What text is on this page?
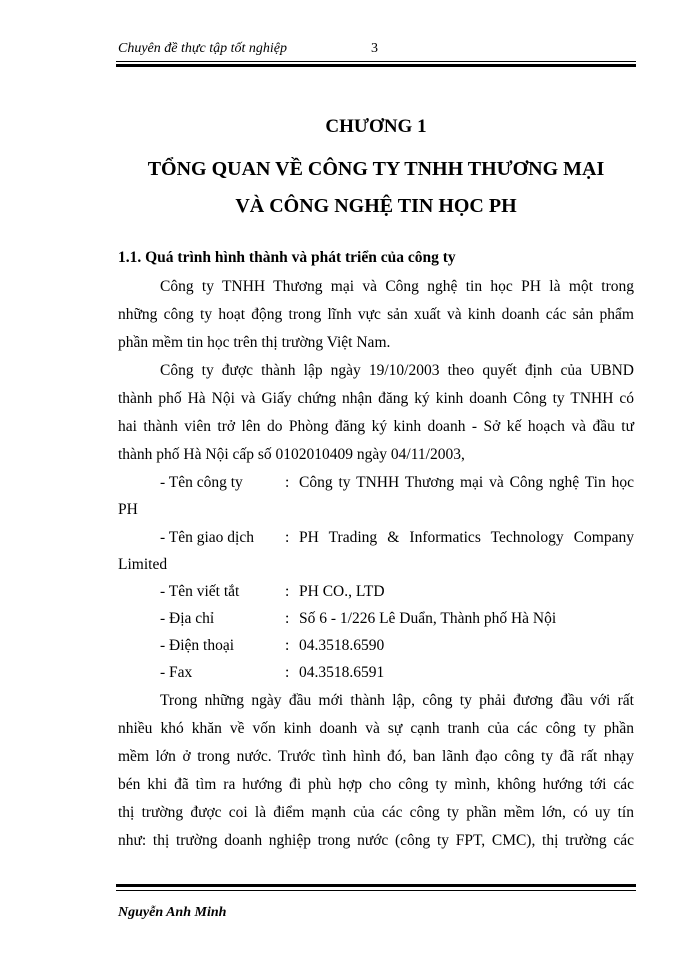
Chuyên đề thực tập tốt nghiệp	3
CHƯƠNG 1
TỔNG QUAN VỀ CÔNG TY TNHH THƯƠNG MẠI
VÀ CÔNG NGHỆ TIN HỌC PH
1.1. Quá trình hình thành và phát triển của công ty
Công ty TNHH Thương mại và Công nghệ tin học PH là một trong
những công ty hoạt động trong lĩnh vực sản xuất và kinh doanh các sản phẩm
phần mềm tin học trên thị trường Việt Nam.
Công ty được thành lập ngày 19/10/2003 theo quyết định của UBND
thành phố Hà Nội và Giấy chứng nhận đăng ký kinh doanh Công ty TNHH có
hai thành viên trở lên do Phòng đăng ký kinh doanh - Sở kế hoạch và đầu tư
thành phố Hà Nội cấp số 0102010409 ngày 04/11/2003,
- Tên công ty	: Công ty TNHH Thương mại và Công nghệ Tin học
PH
- Tên giao dịch : PH Trading & Informatics Technology Company
Limited
- Tên viết tắt	: PH CO., LTD
- Địa chỉ	: Số 6 - 1/226 Lê Duẩn, Thành phố Hà Nội
- Điện thoại	: 04.3518.6590
- Fax	: 04.3518.6591
Trong những ngày đầu mới thành lập, công ty phải đương đầu với rất
nhiều khó khăn về vốn kinh doanh và sự cạnh tranh của các công ty phần
mềm lớn ở trong nước. Trước tình hình đó, ban lãnh đạo công ty đã rất nhạy
bén khi đã tìm ra hướng đi phù hợp cho công ty mình, không hướng tới các
thị trường được coi là điểm mạnh của các công ty phần mềm lớn, có uy tín
như: thị trường doanh nghiệp trong nước (công ty FPT, CMC), thị trường các
Nguyễn Anh Minh
